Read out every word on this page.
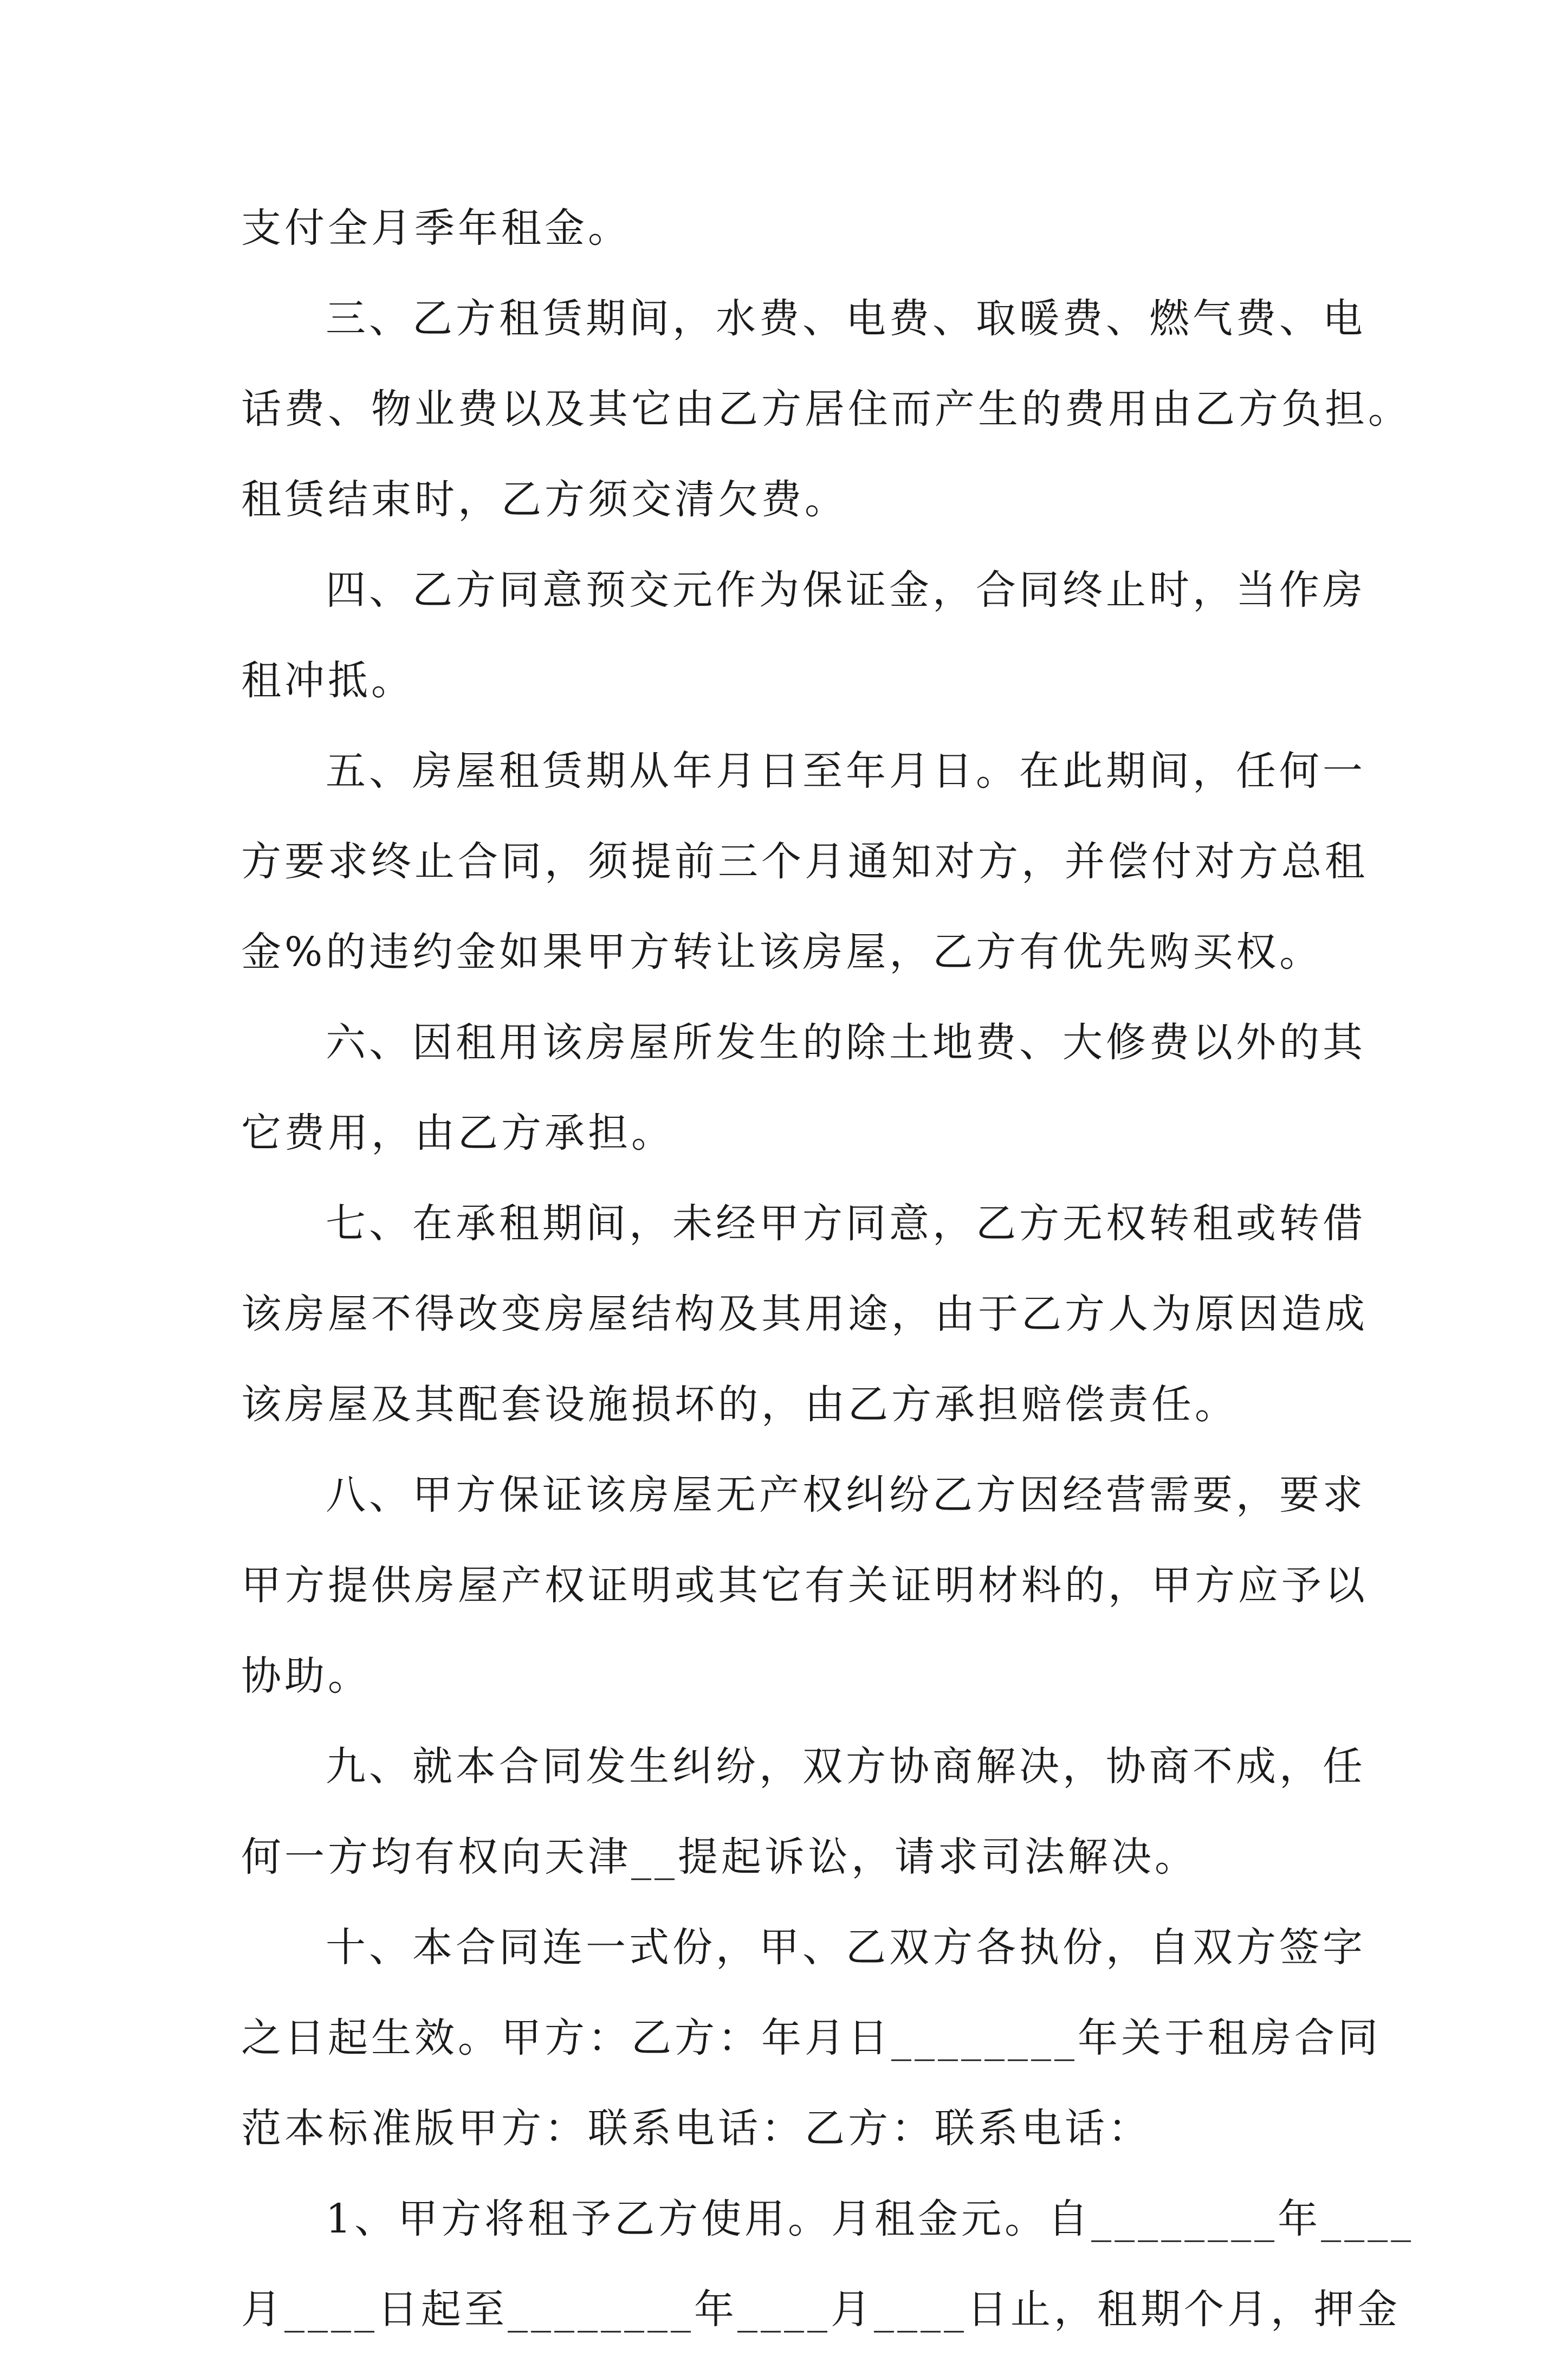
支付全月季年租金。
三、乙方租赁期间，水费、电费、取暖费、燃气费、电
话费、物业费以及其它由乙方居住而产生的费用由乙方负担。
租赁结束时，乙方须交清欠费。
四、乙方同意预交元作为保证金，合同终止时，当作房
租冲抵。
五、房屋租赁期从年月日至年月日。在此期间，任何一
方要求终止合同，须提前三个月通知对方，并偿付对方总租
金%的违约金如果甲方转让该房屋，乙方有优先购买权。
六、因租用该房屋所发生的除土地费、大修费以外的其
它费用，由乙方承担。
七、在承租期间，未经甲方同意，乙方无权转租或转借
该房屋不得改变房屋结构及其用途，由于乙方人为原因造成
该房屋及其配套设施损坏的，由乙方承担赔偿责任。
八、甲方保证该房屋无产权纠纷乙方因经营需要，要求
甲方提供房屋产权证明或其它有关证明材料的，甲方应予以
协助。
九、就本合同发生纠纷，双方协商解决，协商不成，任
何一方均有权向天津__提起诉讼，请求司法解决。
十、本合同连一式份，甲、乙双方各执份，自双方签字
之日起生效。甲方：乙方：年月日________年关于租房合同
范本标准版甲方：联系电话：乙方：联系电话：
1、甲方将租予乙方使用。月租金元。自________年____
月____日起至________年____月____日止，租期个月，押金
